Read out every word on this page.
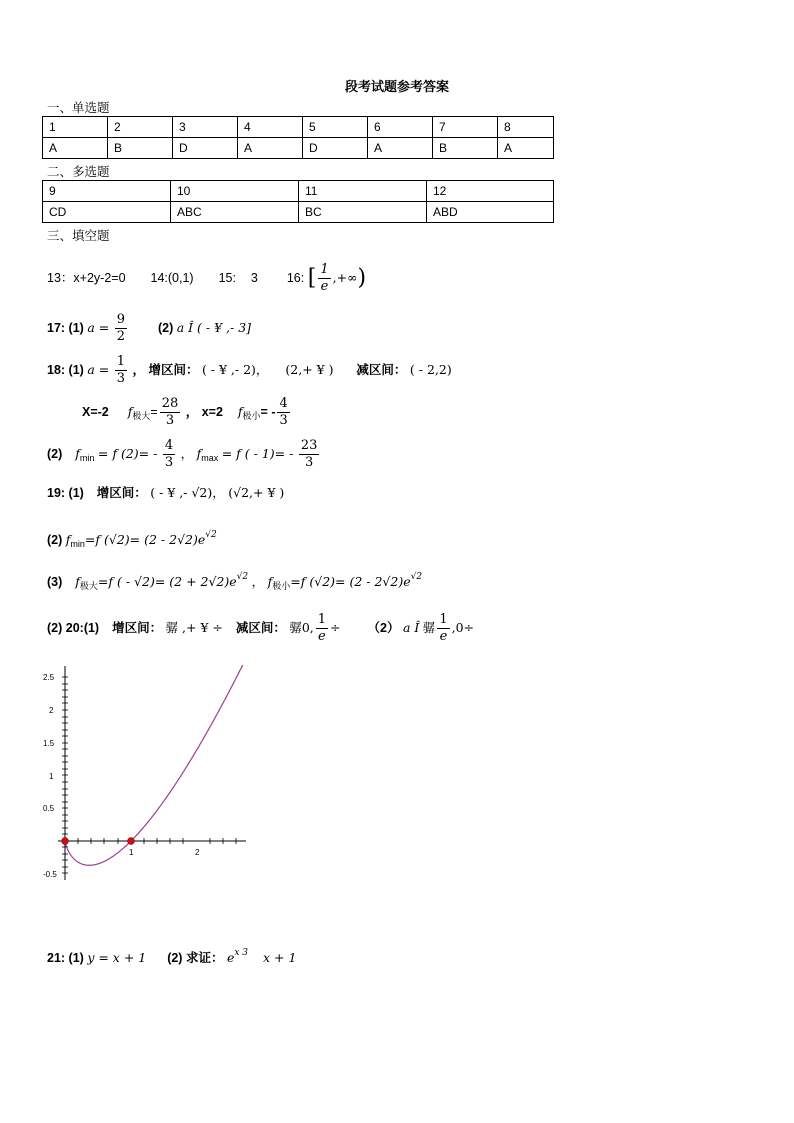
段考试题参考答案
一、单选题
1	2	3	4	5	6	7	8
A	B	D	A	D	A	B	A
二、多选题
9	10	11	12
CD	ABC	BC	ABD
三、填空题
13：x+2y-2=0 14:(0,1) 15: 3 16: [ $\frac{1}{e}$ ,+∞)
17: (1) $a = \frac{9}{2} (2)$ a Î ( - ¥ ,- 3]
18: (1) $a = \frac{1}{3}$ ， 增区间： ( - ¥ ,- 2)， (2,+ ¥ ) 减区间： ( - 2,2)
X=-2 $f_{极大}= \frac{28}{3}$ ， x=2 $f_{极小}= - \frac{4}{3}$
(2) $f_{min} = f$ $(2)= - \frac{4}{3}$ ， $f_{max} = f$ ( - $1)= - \frac{23}{3}$
19: (1) 增区间： ( - ¥ ,- √2)， (√2,+ ¥ )
(2) $f_{min}=f$ $(√2)= (2 - 2√2)e^{√2}$
(3) $f_{极大}=f$ ( - $√2)= (2 + 2√2)e^{√2}$ ， $f_{极小}=f$ $(√2)= (2 - 2√2)e^{√2}$
(2) 20:(1) 增区间： 骣 ,+ ¥ ÷ 减区间： 骣0, $\frac{1}{e} \div (2)$ a Î 骣 $\frac{1}{e} ,0\div$
2.5
2
1.5
1
0.5
-0.5
1	2
21: (1) y = x + 1 (2) 求证： $e^{x 3}$ x + 1
